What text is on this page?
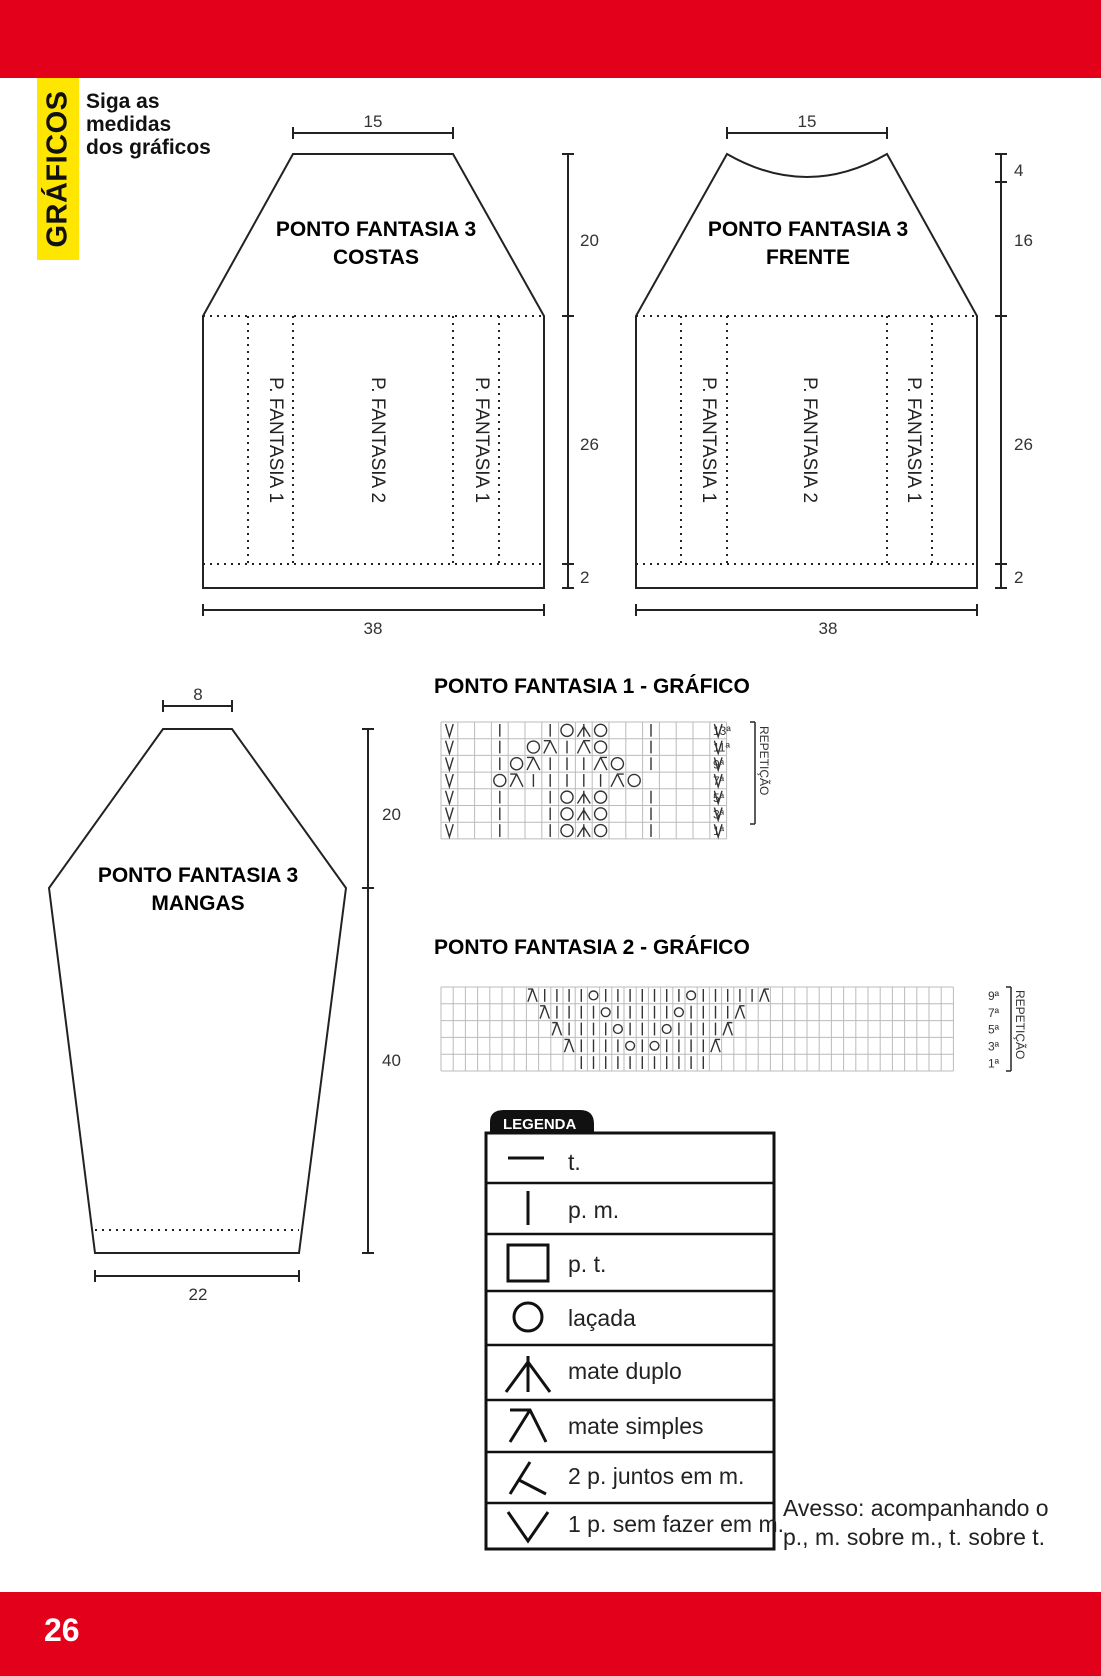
GRÁFICOS Siga as
medidas
dos gráficos
PONTO FANTASIA 3
COSTAS
P. FANTASIA 1	P. FANTASIA 2	P. FANTASIA 1
15
38
20
26
2
PONTO FANTASIA 3
FRENTE
P. FANTASIA 1	P. FANTASIA 2	P. FANTASIA 1
15
38
4
16
26
2
PONTO FANTASIA 3
MANGAS
8
22
20
40
PONTO FANTASIA 1 - GRÁFICO
13ª
11ª
9ª
7ª
5ª
3ª
1ª
REPETIÇÃO
PONTO FANTASIA 2 - GRÁFICO
9ª
7ª
5ª
3ª
1ª
REPETIÇÃO
LEGENDA
t.
p. m.
p. t.
laçada
mate duplo
mate simples
2 p. juntos em m.
1 p. sem fazer em m.
Avesso: acompanhando o
p., m. sobre m., t. sobre t.
26
